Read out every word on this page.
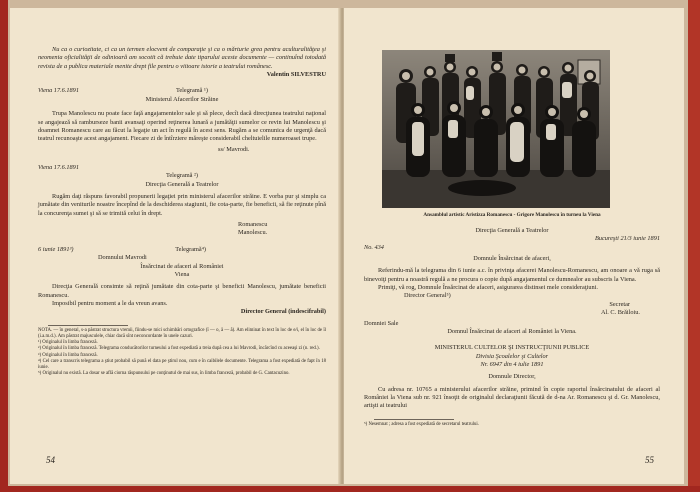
Nu ca o curiozitate, ci ca un termen elocvent de comparaţie şi ca o mărturie grea pentru aculturalităţea şi neomenia oficialităţii de odinioară am socotit că trebuie date tiparului aceste documente — continuînd totodată revista de a publica materiale menite drept file pentru o viitoare istorie a teatrului românesc.

Valentin SILVESTRU

Viena 17.6.1891	Telegramă ¹)

Ministerul Afacerilor Străine

Trupa Manolescu nu poate face faţă angajamentelor sale şi să plece, decît dacă direcţiunea teatrului naţional se angajează să ramburseze banii avansaţi operind reţinerea lunară a jumătăţii sumelor ce revin lui Manolescu şi doamnei Romanescu care au făcut la legaţie un act în regulă în acest sens. Rugăm a se comunica de urgenţă dacă teatrul recunoaşte acest angajament. Fiecare zi de întîrziere măreşte considerabil cheltuielile numeroasei trupe.

ss/ Mavrodi.

Viena 17.6.1891

Telegramă ²)

Direcţia Generală a Teatrelor

Rugăm daţi răspuns favorabil propunerii legaţiei prin ministerul afacerilor străine. E vorba pur şi simplu ca jumătate din veniturile noastre începînd de la deschiderea stagiunii, fie cota-parte, fie beneficii, să fie reţinute pînă la concurenţa sumei şi să se trimită celui în drept.

Romanescu

Manolescu.

6 iunie 1891³)	Telegramă⁴)

Domnului Mavrodi

Însărcinat de afaceri al României

Viena

Direcţia Generală consimte să reţină jumătate din cota-parte şi beneficii Manolescu, jumătate beneficii Romanescu.

Imposibil pentru moment a le da vreun avans.

Director General (indescifrabil)

NOTA. — în general, s-a păstrat structura vremii, fiindu-se mici schimbări ortografice (î — o, â — ă). Am eliminat în text în loc de e/i, el în loc de îl (i.a.m.d.). Am păstrat majusculele, chiar dacă sînt neconcordante în unele cazuri.

¹) Originalul în limba franceză.

²) Originalul în limba franceză. Telegrama conducătorilor turneului a fost expediată a treia după cea a lui Mavrodi, încărcînd cu aceeaşi zi (n. red.).

³) Originalul în limba franceză.

⁴) Cel care a transcris telegrama a ştiut probabil să pună el data pe ştirul nou, cum e în caibilele documente. Telegrama a fost expediată de fapt în 18 iunie.

⁵) Originalul nu există. La dosar se află ciorna răspunsului pe conţinutul de mai sus, în limba franceză, probabil de G. Cantacuzino.

54

Ansamblul artistic Aristizza Romanescu - Grigore Manolescu în turneu la Viena

Direcţia Generală a Teatrelor

Bucureşti 21/3 iunie 1891

No. 434

Domnule Însărcinat de afaceri,

Referindu-mă la telegrama din 6 iunie a.c. în privinţa afacerei Manolescu-Romanescu, am onoare a vă ruga să binevoiţi pentru a noastră regulă a ne procura o copie după angajamentul ce dumnealor au subscris la Viena.

Primiţi, vă rog, Domnule Însărcinat de afaceri, asigurarea distinsei mele consideraţiuni.

Director General⁵)

Secretar

Al. C. Brăiloiu.

Domniei Sale

Domnul Însărcinat de afaceri al României la Viena.

MINISTERUL CULTELOR ŞI INSTRUCŢIUNII PUBLICE

Divisia Şcoalelor şi Cultelor

Nr. 6947 din 4 iulie 1891

Domnule Director,

Cu adresa nr. 10765 a ministerului afacerilor străine, primind în copie raportul însărcinatului de afaceri al României la Viena sub nr. 921 însoţit de originalul declaraţiunii făcută de d-na Ar. Romanescu şi d. Gr. Manolescu, artişti ai teatrului

⁵) Nesemnat ; adresa a fost expediată de secretarul teatrului.

55
